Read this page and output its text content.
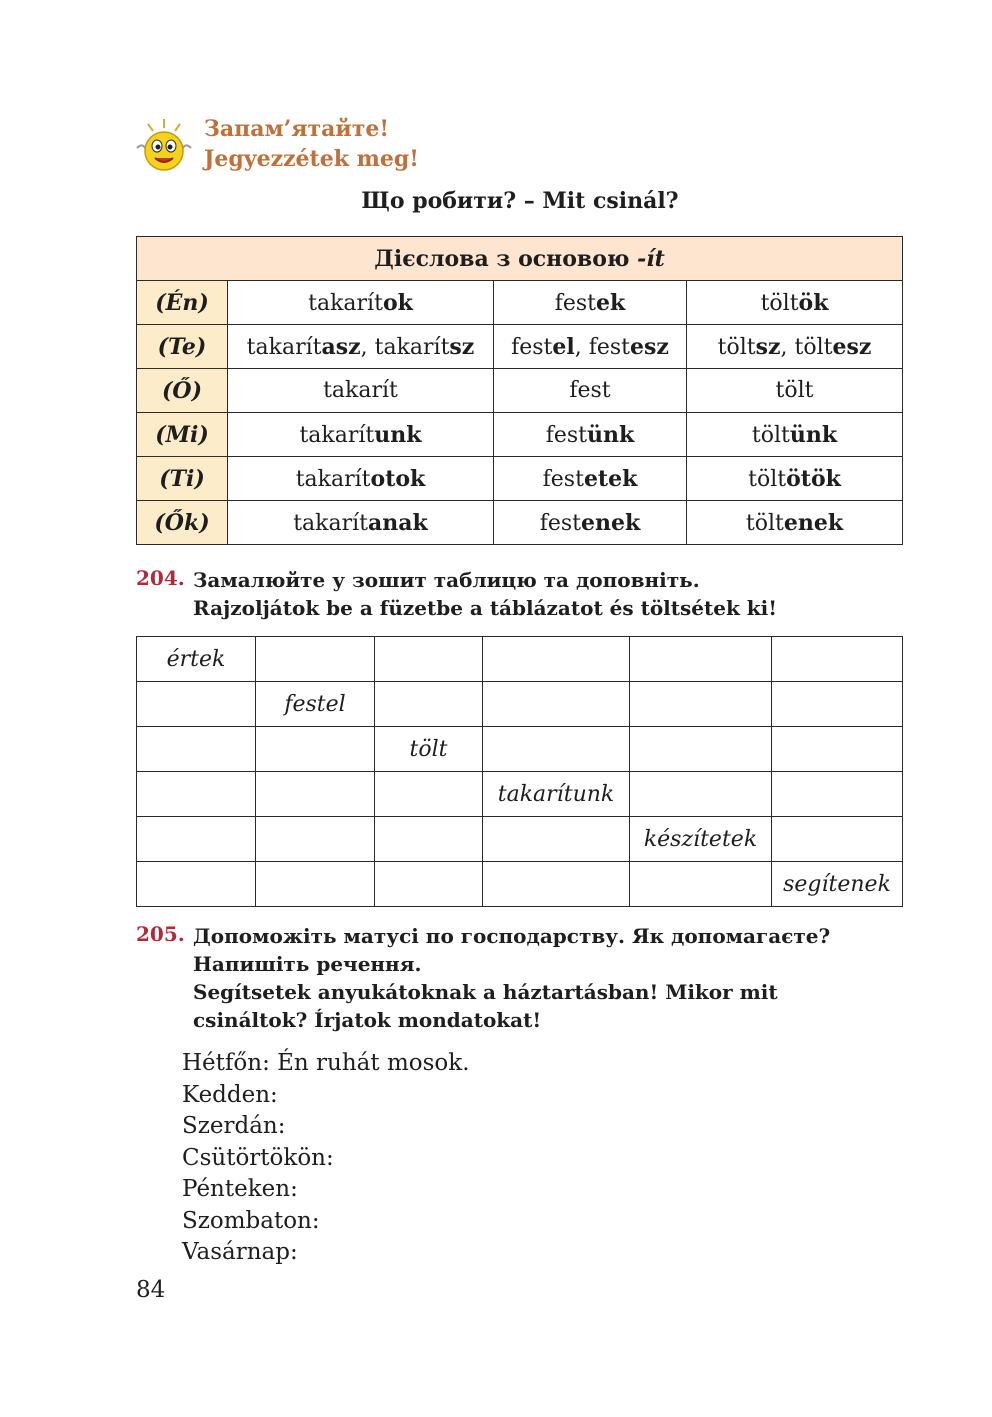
Запам’ятайте!
Jegyezzétek meg!
Що робити? – Mit csinál?
Дієслова з основою -ít			
(Én)	takarítok	festek	töltök
(Te)	takarítasz, takarítsz	festel, festesz	töltsz, töltesz
(Ő)	takarít	fest	tölt
(Mi)	takarítunk	festünk	töltünk
(Ti)	takarítotok	festetek	töltötök
(Ők)	takarítanak	festenek	töltenek
204. Замалюйте у зошит таблицю та доповніть.
Rajzoljátok be a füzetbe a táblázatot és töltsétek ki!
értek					
	festel				
		tölt			
			takarítunk		
				készítetek	
					segítenek
205. Допоможіть матусі по господарству. Як допомагаєте?
Напишіть речення.
Segítsetek anyukátoknak a háztartásban! Mikor mit
csináltok? Írjatok mondatokat!
Hétfőn: Én ruhát mosok.
Kedden:
Szerdán:
Csütörtökön:
Pénteken:
Szombaton:
Vasárnap:
84
